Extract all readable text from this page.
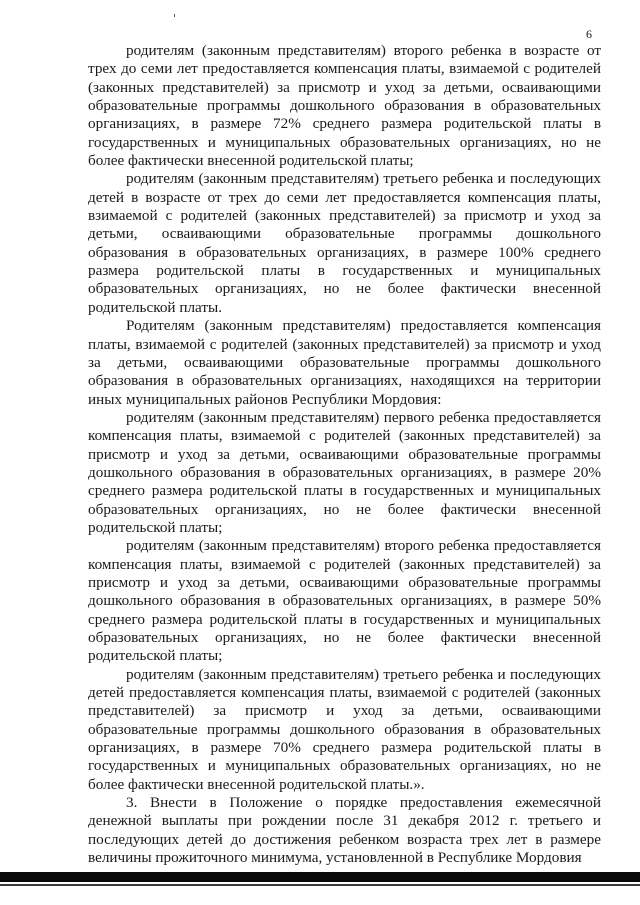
6

родителям (законным представителям) второго ребенка в возрасте от трех до семи лет предоставляется компенсация платы, взимаемой с родителей (законных представителей) за присмотр и уход за детьми, осваивающими образовательные программы дошкольного образования в образовательных организациях, в размере 72% среднего размера родительской платы в государственных и муниципальных образовательных организациях, но не более фактически внесенной родительской платы;

родителям (законным представителям) третьего ребенка и последующих детей в возрасте от трех до семи лет предоставляется компенсация платы, взимаемой с родителей (законных представителей) за присмотр и уход за детьми, осваивающими образовательные программы дошкольного образования в образовательных организациях, в размере 100% среднего размера родительской платы в государственных и муниципальных образовательных организациях, но не более фактически внесенной родительской платы.

Родителям (законным представителям) предоставляется компенсация платы, взимаемой с родителей (законных представителей) за присмотр и уход за детьми, осваивающими образовательные программы дошкольного образования в образовательных организациях, находящихся на территории иных муниципальных районов Республики Мордовия:

родителям (законным представителям) первого ребенка предоставляется компенсация платы, взимаемой с родителей (законных представителей) за присмотр и уход за детьми, осваивающими образовательные программы дошкольного образования в образовательных организациях, в размере 20% среднего размера родительской платы в государственных и муниципальных образовательных организациях, но не более фактически внесенной родительской платы;

родителям (законным представителям) второго ребенка предоставляется компенсация платы, взимаемой с родителей (законных представителей) за присмотр и уход за детьми, осваивающими образовательные программы дошкольного образования в образовательных организациях, в размере 50% среднего размера родительской платы в государственных и муниципальных образовательных организациях, но не более фактически внесенной родительской платы;

родителям (законным представителям) третьего ребенка и последующих детей предоставляется компенсация платы, взимаемой с родителей (законных представителей) за присмотр и уход за детьми, осваивающими образовательные программы дошкольного образования в образовательных организациях, в размере 70% среднего размера родительской платы в государственных и муниципальных образовательных организациях, но не более фактически внесенной родительской платы.».

3. Внести в Положение о порядке предоставления ежемесячной денежной выплаты при рождении после 31 декабря 2012 г. третьего и последующих детей до достижения ребенком возраста трех лет в размере величины прожиточного минимума, установленной в Республике Мордовия
